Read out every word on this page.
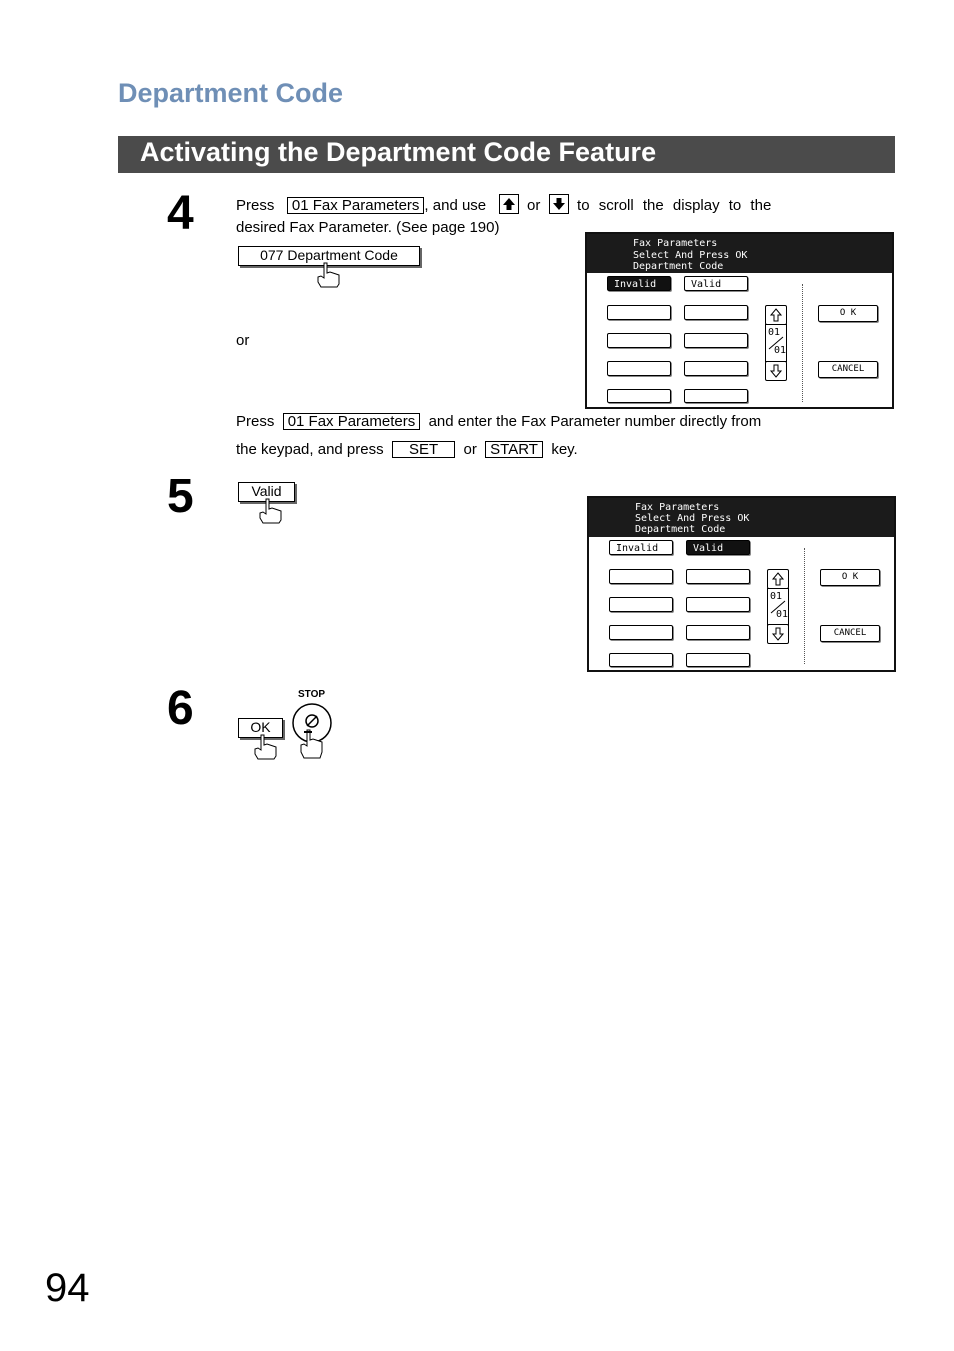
Department Code
Activating the Department Code Feature
4	Press 01 Fax Parameters , and use	or to scroll the display to the
desired Fax Parameter. (See page 190)
077 Department Code
or
Fax Parameters
Select And Press OK
Department Code
Invalid	Valid
01
01
O K
CANCEL
Press 01 Fax Parameters and enter the Fax Parameter number directly from
the keypad, and press SET or START key.
5	Valid
Fax Parameters
Select And Press OK
Department Code
Invalid	Valid
01
01
O K
CANCEL
6	OK
STOP
94
